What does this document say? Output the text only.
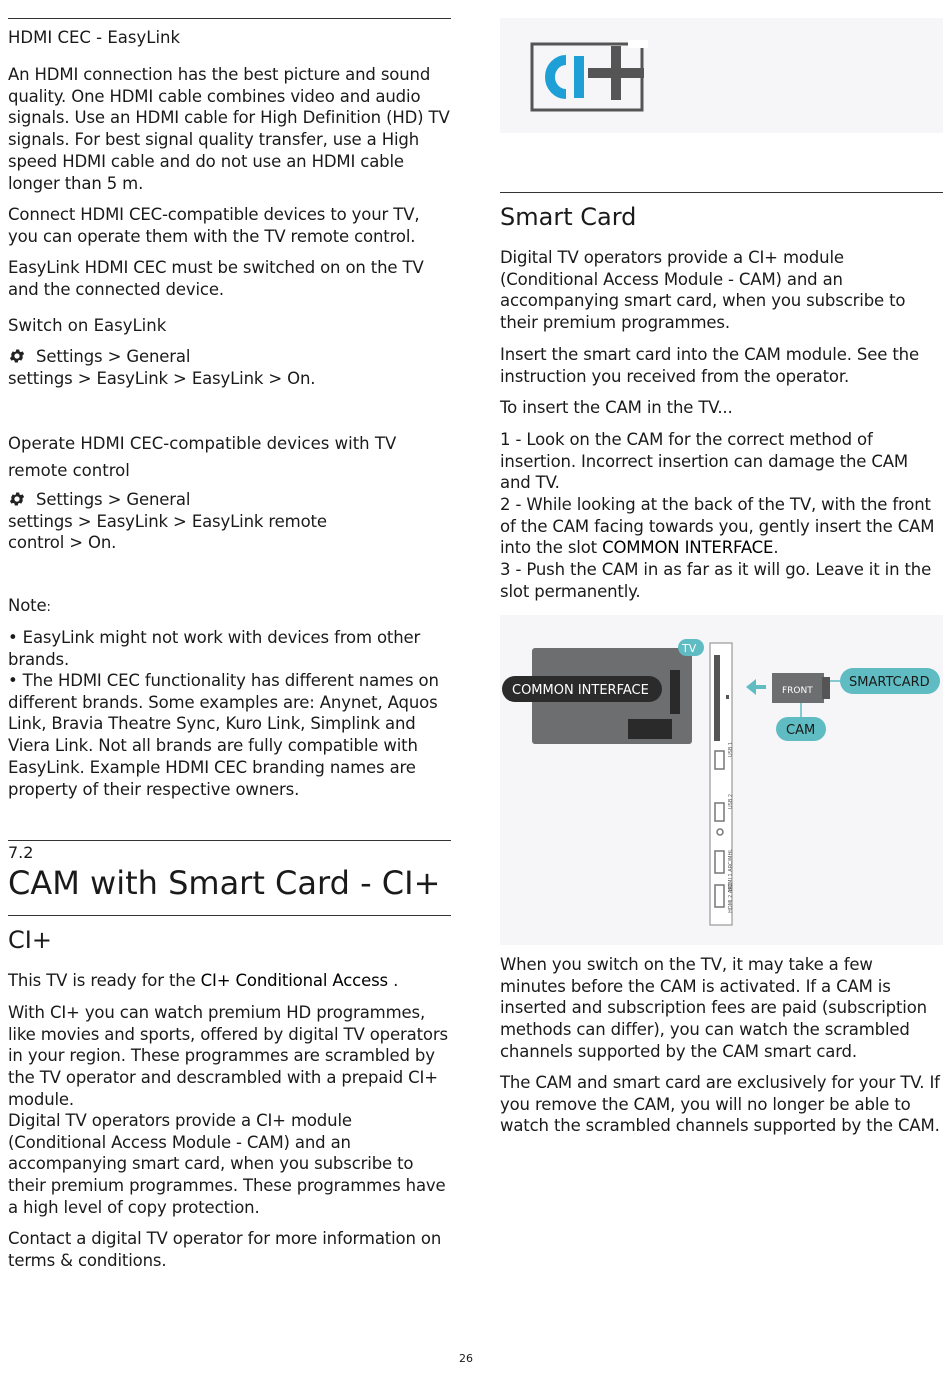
HDMI CEC - EasyLink

An HDMI connection has the best picture and sound quality. One HDMI cable combines video and audio signals. Use an HDMI cable for High Definition (HD) TV signals. For best signal quality transfer, use a High speed HDMI cable and do not use an HDMI cable longer than 5 m.

Connect HDMI CEC-compatible devices to your TV, you can operate them with the TV remote control.

EasyLink HDMI CEC must be switched on on the TV and the connected device.

Switch on EasyLink
Settings > General
settings > EasyLink > EasyLink > On.
Operate HDMI CEC-compatible devices with TV remote control
Settings > General
settings > EasyLink > EasyLink remote
control > On.
Note:

• EasyLink might not work with devices from other brands.

• The HDMI CEC functionality has different names on different brands. Some examples are: Anynet, Aquos Link, Bravia Theatre Sync, Kuro Link, Simplink and Viera Link. Not all brands are fully compatible with EasyLink. Example HDMI CEC branding names are property of their respective owners.

7.2
CAM with Smart Card - CI+
CI+
This TV is ready for the CI+ Conditional Access .

With CI+ you can watch premium HD programmes, like movies and sports, offered by digital TV operators in your region. These programmes are scrambled by the TV operator and descrambled with a prepaid CI+ module.

Digital TV operators provide a CI+ module (Conditional Access Module - CAM) and an accompanying smart card, when you subscribe to their premium programmes. These programmes have a high level of copy protection.

Contact a digital TV operator for more information on terms & conditions.

Smart Card

Digital TV operators provide a CI+ module (Conditional Access Module - CAM) and an accompanying smart card, when you subscribe to their premium programmes.

Insert the smart card into the CAM module. See the instruction you received from the operator.

To insert the CAM in the TV...

1 - Look on the CAM for the correct method of insertion. Incorrect insertion can damage the CAM and TV.

2 - While looking at the back of the TV, with the front of the CAM facing towards you, gently insert the CAM into the slot COMMON INTERFACE.

3 - Push the CAM in as far as it will go. Leave it in the slot permanently.

USB 1
USB 2
HDMI 1 ARC/MHL
HDMI 2 ARC
FRONT
COMMON INTERFACE
TV
SMARTCARD
CAM

When you switch on the TV, it may take a few minutes before the CAM is activated. If a CAM is inserted and subscription fees are paid (subscription methods can differ), you can watch the scrambled channels supported by the CAM smart card.

The CAM and smart card are exclusively for your TV. If you remove the CAM, you will no longer be able to watch the scrambled channels supported by the CAM.

26
